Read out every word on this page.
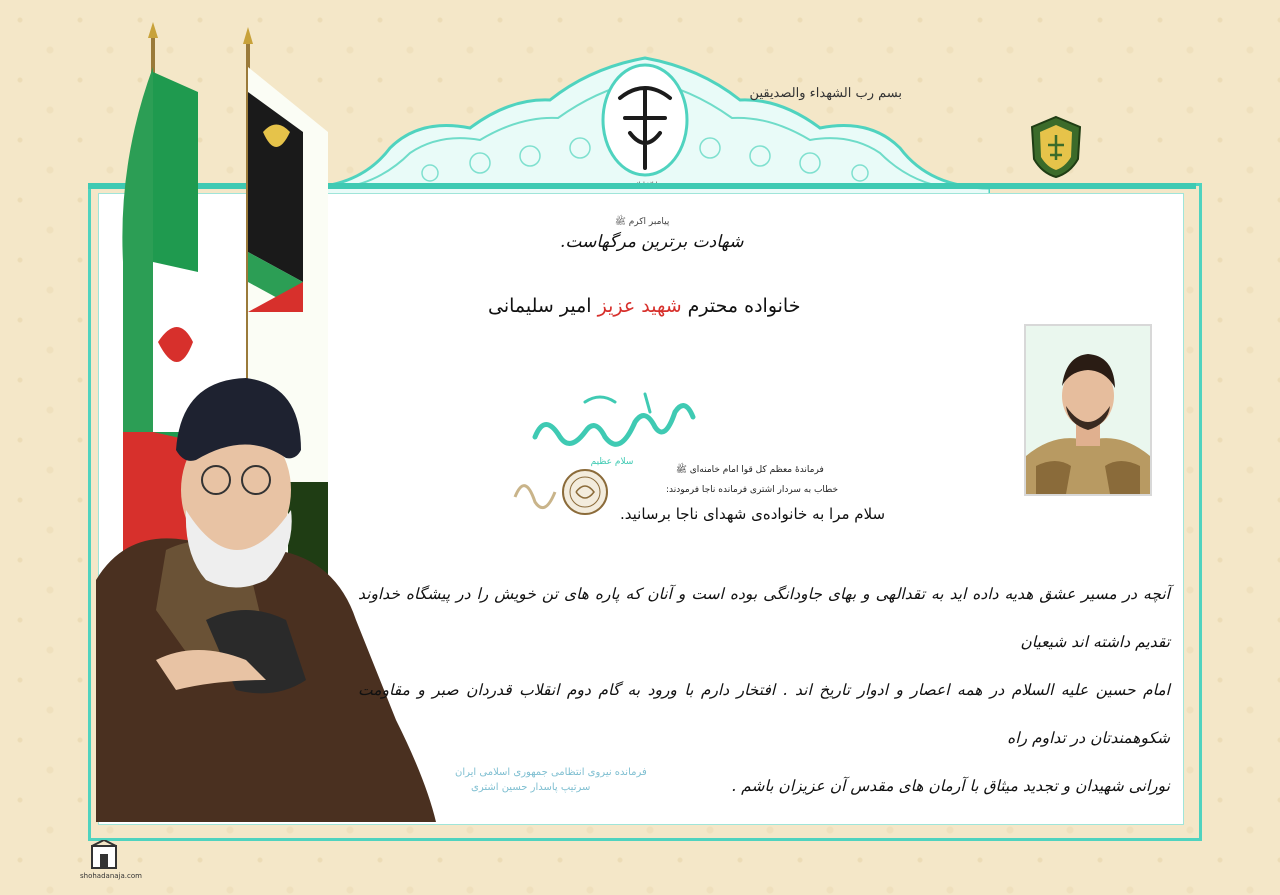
بسم رب الشهداء والصدیقین
پیامبر اکرم ﷺ
شهادت برترین مرگهاست.
خانواده محترم شهید عزیز امیر سلیمانی
سلام عظیم
فرماندهٔ معظم کل قوا امام خامنه‌ای ﷺ
خطاب به سردار اشتری فرمانده ناجا فرمودند:
سلام مرا به خانواده‌ی شهدای ناجا برسانید.

آنچه در مسیر عشق هدیه داده اید به تقدالهی و بهای جاودانگی بوده است و آنان که پاره های تن خویش را در پیشگاه خداوند تقدیم داشته اند شیعیان

امام حسین علیه السلام در همه اعصار و ادوار تاریخ اند . افتخار دارم با ورود به گام دوم انقلاب قدردان صبر و مقاومت شکوهمندتان در تداوم راه

نورانی شهیدان و تجدید میثاق با آرمان های مقدس آن عزیزان باشم .

فرمانده نیروی انتظامی جمهوری اسلامی ایران
سرتیپ پاسدار حسین اشتری
shohadanaja.com
